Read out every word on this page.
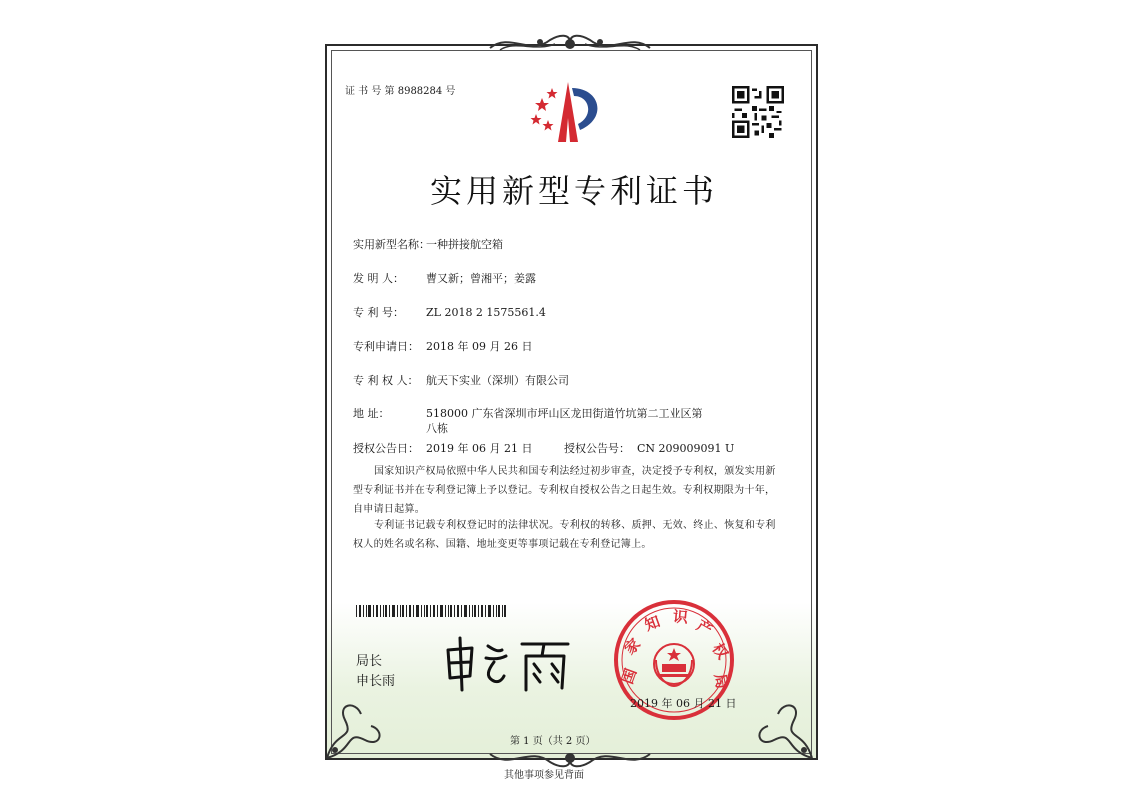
证 书 号 第 8988284 号
实用新型专利证书
实用新型名称：一种拼接航空箱
发 明 人： 曹又新；曾湘平；姜露
专 利 号： ZL 2018 2 1575561.4
专利申请日： 2018 年 09 月 26 日
专 利 权 人： 航天下实业（深圳）有限公司
地 址：	518000 广东省深圳市坪山区龙田街道竹坑第二工业区第
八栋
授权公告日： 2019 年 06 月 21 日	授权公告号： CN 209009091 U
国家知识产权局依照中华人民共和国专利法经过初步审查，决定授予专利权，颁发实用新型专利证书并在专利登记簿上予以登记。专利权自授权公告之日起生效。专利权期限为十年，自申请日起算。
专利证书记载专利权登记时的法律状况。专利权的转移、质押、无效、终止、恢复和专利权人的姓名或名称、国籍、地址变更等事项记载在专利登记簿上。
局长
申长雨	国
家
知 识 产
权
局
2019 年 06 月 21 日
第 1 页（共 2 页）
其他事项参见背面
